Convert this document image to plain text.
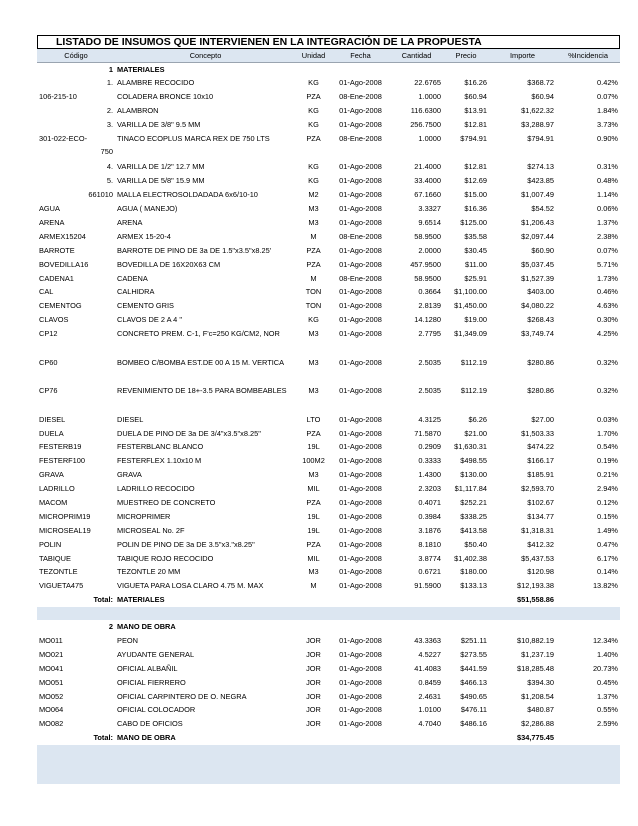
LISTADO DE INSUMOS QUE INTERVIENEN EN LA INTEGRACIÓN DE LA PROPUESTA
Código		Concepto	Unidad	Fecha	Cantidad	Precio	Importe	%Incidencia
	1	MATERIALES						
	1.	ALAMBRE RECOCIDO	KG	01-Ago-2008	22.6765	$16.26	$368.72	0.42%
106-215-10		COLADERA BRONCE 10x10	PZA	08-Ene-2008	1.0000	$60.94	$60.94	0.07%
	2.	ALAMBRON	KG	01-Ago-2008	116.6300	$13.91	$1,622.32	1.84%
	3.	VARILLA DE 3/8" 9.5 MM	KG	01-Ago-2008	256.7500	$12.81	$3,288.97	3.73%

301-022-ECO-	750	TINACO ECOPLUS MARCA REX DE 750 LTS	PZA	08-Ene-2008	1.0000	$794.91	$794.91	0.90%
	4.	VARILLA DE 1/2" 12.7 MM	KG	01-Ago-2008	21.4000	$12.81	$274.13	0.31%
	5.	VARILLA DE 5/8" 15.9 MM	KG	01-Ago-2008	33.4000	$12.69	$423.85	0.48%
	661010	MALLA ELECTROSOLDADADA 6x6/10-10	M2	01-Ago-2008	67.1660	$15.00	$1,007.49	1.14%
AGUA		AGUA ( MANEJO)	M3	01-Ago-2008	3.3327	$16.36	$54.52	0.06%
ARENA		ARENA	M3	01-Ago-2008	9.6514	$125.00	$1,206.43	1.37%
ARMEX15204		ARMEX 15-20-4	M	08-Ene-2008	58.9500	$35.58	$2,097.44	2.38%
BARROTE		BARROTE DE PINO DE 3a DE 1.5"x3.5"x8.25'	PZA	01-Ago-2008	2.0000	$30.45	$60.90	0.07%
BOVEDILLA16		BOVEDILLA DE 16X20X63 CM	PZA	01-Ago-2008	457.9500	$11.00	$5,037.45	5.71%
CADENA1		CADENA	M	08-Ene-2008	58.9500	$25.91	$1,527.39	1.73%
CAL		CALHIDRA	TON	01-Ago-2008	0.3664	$1,100.00	$403.00	0.46%
CEMENTOG		CEMENTO GRIS	TON	01-Ago-2008	2.8139	$1,450.00	$4,080.22	4.63%
CLAVOS		CLAVOS DE 2 A 4 "	KG	01-Ago-2008	14.1280	$19.00	$268.43	0.30%
CP12		CONCRETO PREM. C-1, F'c=250 KG/CM2, NOR	M3	01-Ago-2008	2.7795	$1,349.09	$3,749.74	4.25%
CP60		BOMBEO C/BOMBA EST.DE 00 A 15 M. VERTICA	M3	01-Ago-2008	2.5035	$112.19	$280.86	0.32%
CP76		REVENIMIENTO DE 18+-3.5 PARA BOMBEABLES	M3	01-Ago-2008	2.5035	$112.19	$280.86	0.32%
DIESEL		DIESEL	LTO	01-Ago-2008	4.3125	$6.26	$27.00	0.03%
DUELA		DUELA DE PINO DE 3a DE 3/4"x3.5"x8.25"	PZA	01-Ago-2008	71.5870	$21.00	$1,503.33	1.70%
FESTERB19		FESTERBLANC BLANCO	19L	01-Ago-2008	0.2909	$1,630.31	$474.22	0.54%
FESTERF100		FESTERFLEX 1.10x10 M	100M2	01-Ago-2008	0.3333	$498.55	$166.17	0.19%
GRAVA		GRAVA	M3	01-Ago-2008	1.4300	$130.00	$185.91	0.21%
LADRILLO		LADRILLO RECOCIDO	MIL	01-Ago-2008	2.3203	$1,117.84	$2,593.70	2.94%
MACOM		MUESTREO DE CONCRETO	PZA	01-Ago-2008	0.4071	$252.21	$102.67	0.12%
MICROPRIM19		MICROPRIMER	19L	01-Ago-2008	0.3984	$338.25	$134.77	0.15%
MICROSEAL19		MICROSEAL No. 2F	19L	01-Ago-2008	3.1876	$413.58	$1,318.31	1.49%
POLIN		POLIN DE PINO DE 3a DE 3.5"x3."x8.25"	PZA	01-Ago-2008	8.1810	$50.40	$412.32	0.47%
TABIQUE		TABIQUE ROJO RECOCIDO	MIL	01-Ago-2008	3.8774	$1,402.38	$5,437.53	6.17%
TEZONTLE		TEZONTLE 20 MM	M3	01-Ago-2008	0.6721	$180.00	$120.98	0.14%
VIGUETA475		VIGUETA PARA LOSA CLARO 4.75 M. MAX	M	01-Ago-2008	91.5900	$133.13	$12,193.38	13.82%
Total:		MATERIALES					$51,558.86	

	2	MANO DE OBRA						
MO011		PEON	JOR	01-Ago-2008	43.3363	$251.11	$10,882.19	12.34%
MO021		AYUDANTE GENERAL	JOR	01-Ago-2008	4.5227	$273.55	$1,237.19	1.40%
MO041		OFICIAL ALBAÑIL	JOR	01-Ago-2008	41.4083	$441.59	$18,285.48	20.73%
MO051		OFICIAL FIERRERO	JOR	01-Ago-2008	0.8459	$466.13	$394.30	0.45%
MO052		OFICIAL CARPINTERO DE O. NEGRA	JOR	01-Ago-2008	2.4631	$490.65	$1,208.54	1.37%
MO064		OFICIAL COLOCADOR	JOR	01-Ago-2008	1.0100	$476.11	$480.87	0.55%
MO082		CABO DE OFICIOS	JOR	01-Ago-2008	4.7040	$486.16	$2,286.88	2.59%
Total:		MANO DE OBRA					$34,775.45	
